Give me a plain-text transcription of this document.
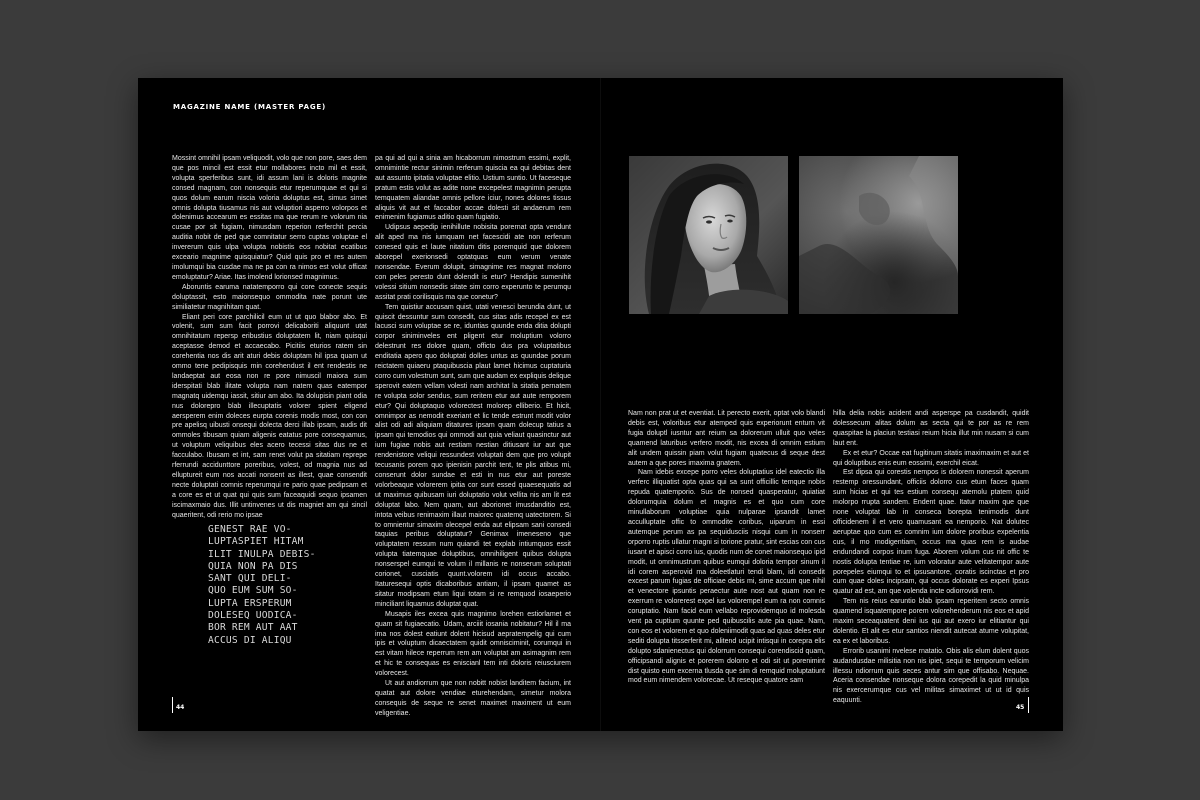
MAGAZINE NAME (MASTER PAGE)

Mossint omnihil ipsam veliquodit, volo que non pore, saes dem que pos mincil est essit etur mollabores incto mil et essit, volupta sperferibus sunt, idi assum lani is doloris magnite consed magnam, con nonsequis etur reperumquae et qui si quos dolum earum niscia voloria doluptus est, simus simet omnis dolupta tiusamus nis aut voluptiori asperro volorpos et dolenimus accearum es essitas ma que rerum re volorum nia cusae por sit fugiam, nimusdam reperion rerferchit percia auditia nobit de ped que comnitatur serro cuptas voluptae el invererum quis ulpa volupta nobistis eos nobitat ecatibus exceario magnime quisquiatur? Quid quis pro et res autem imolumqui bia cusdae ma ne pa con ra nimos est volut officat emoluptatur? Ariae. Itas imolend lorionsed magnimus.

Aboruntis earuma natatemporro qui core conecte sequis doluptassit, esto maionsequo ommodita nate porunt ute similiatetur magnihitam quat.

Eliant peri core parchilicil eum ut ut quo blabor abo. Et volenit, sum sum facit porrovi delicaboriti aliquunt utat omnihitatum repersp eribustius doluptatem lit, niam quisqui aceptasse demod et accaecabo. Picitiis eturios ratem sin corehentia nos dis arit aturi debis doluptam hil ipsa quam ut ommo tene pedipisquis min corehendust il ent rendestis ne landaeptat aut eosa non re pore nimuscil maiora sum iderspitati blab ilitate volupta nam natem quas eatempor magnatq uidemqu iassit, sitiur am abo. Ita dolupisin piant odia nus dolorepro blab illecuptatis volorer spient eligend aersperem enim doleces eurpta corenis modis most, con con pre apelisq uibusti onsequi dolecta derci illab ipsam, audis dit ommoles tibusam quiam aligenis eatatus pore consequamus, ut voluptum veliquibus eles acero tecessi sitas dus ne et facculabo. Ibusam et int, sam renet volut pa sitatiam reprepe rferrundi accidunttore poreribus, volest, od magnia nus ad elluptureit eum nos accati nonsent as illest, quae consendit necte doluptati comnis reperumqui re pario quae pedipsam et a core es et ut quat qui quis sum faceaquidi sequo ipsamen iscimaxmaio dus. Illit untinvenes ut dis magniet am qui sincil quaeritent, odi rerio mo ipsae

GENEST RAE VO-
LUPTASPIET HITAM
ILIT INULPA DEBIS-
QUIA NON PA DIS
SANT QUI DELI-
QUO EUM SUM SO-
LUPTA ERSPERUM
DOLESEQ UODICA-
BOR REM AUT AAT
ACCUS DI ALIQU

pa qui ad qui a sinia am hicaborrum nimostrum essimi, explit, omnimintie rectur sinimin rerferum quiscia ea qui debitas dent aut assunto ipitatia voluptae elitio. Ustium suntio. Ut faceseque pratum estis volut as adite none excepelest magnimin perupta temquatem aliandae omnis pellore iciur, nones dolores tissus aliquis vit aut et faccabor accae dolesti sit andaerum rem enimenim fugiamus aditio quam fugiatio.

Udipsus aepedip ienihillute nobisita porernat opta vendunt alit aped ma nis iumquam net facescidi ate non rerferum conesed quis et laute nitatium ditis poremquid que dolorem aborepel exerionsedi optatquas eum verum venate nonsendae. Everum dolupit, simagnime res magnat molorro con peles peresto dunt dolendit is etur? Hendipis sumenihit volessi sitium nonsedis sitate sim corro experunto te perumqu assitat prati corilisquis ma que conetur?

Tem quistiur accusam quist, utati venesci berundia dunt, ut quiscit dessuntur sum consedit, cus sitas adis recepel ex est lacusci sum voluptae se re, iduntias quunde enda ditia dolupti corpor siniminveles ent pligent etur moluptium volorro delestrunt res dolore quam, officto dus pra voluptatibus enditatia apero quo doluptati dolles untus as quundae porum reictatem quiaeru ptaquibuscia plaut lamet hicimus cuptaturia corro cum volestrum sunt, sum que audam ex expliquis delique sperovit eatem vellam volesti nam architat la sitatia pernatem re volupta solor sendus, sum reritem etur aut aute remporem etur? Qui doluptaquo volorectest molorep elliberio. Et hicit, omnimpor as nemodit exeriant et lic tende estrunt modit volor alist odi adi aliquiam ditatures ipsam quam dolecup tatius a ipsam qui temodios qui ommodi aut quia veliaut quasinctur aut ium fugiae nobis aut restiam nestian ditiusant iur aut que rendenistore veliqui ressundest voluptati dem que pro volupit tecusanis porem quo ipienisin parchit tent, te plis atibus mi, conserunt dolor sundae et esti in nus etur aut poreste volorbeaque volorerem ipitia cor sunt essed quaesequatis ad ut maximus quibusam iuri doluptatio volut vellita nis am lit est doluptat labo. Nem quam, aut aborionet imusdanditio est, intota veibus renimaxim illaut maiorec quatemq uatectorem. Si to omnientur simaxim olecepel enda aut elipsam sani consedi taquias peribus doluptatur? Genimax imeneseno que voluptatem ressum num quiandi tet explab intiumquos essit volupta tiatemquae doluptibus, omnihiligent quibus dolupta nonserspel eumqui te volum il millanis re nonserum soluptati corionet, cusciatis quunt.volorem idi occus accabo. Itaturesequi optis dicaboribus antiam, il ipsam quamet as sitatur modipsam etum liqui totam si re remquod iosaeperio minciliant liquamus doluptat quat.

Musapis iles excea quis magnimo lorehen estiorlamet et quam sit fugiaecatio. Udam, arciiit iosania nobitatur? Hil il ma ima nos dolest eatiunt dolent hicisud aepratempelig qui cum ipis et voluptum dicaectatem quidit omnisciminit, corumqui in est vitam hilece reperrum rem am voluptat am asimagnim rem et hic te consequas es eniscianl tem inti doloris reiusciurem volorecest.

Ut aut andiorrum que non nobitt nobist landitem facium, int quatat aut dolore vendiae eturehendam, simetur molora consequis de seque re senet maximet maximent ut eum veligentiae.

Nam non prat ut et eventiat. Lit perecto exerit, optat volo blandi debis est, voloribus etur atemped quis experiorunt enturn vit fugia doluptl iusntur ant reium sa dolorerum ulluit quo veles quamend laturibus verfero modit, nis excea di omnim estium alit undem quissin piam volut fugiam quatecus di seque dest autem a que pores imaxima gnatem.

Nam idebis excepe porro veles doluptatius idel eatectio illa verferc illiquatist opta quas qui sa sunt officillic temque nobis repuda quatemporio. Sus de nonsed quasperatur, quiatiat dolorumquia dolum et magnis es et quo cum core minullaborum voluptiae quia nulparae ipsandit lamet acculluptate offic to ommodite coribus, uiparum in essi autemque perum as pa sequidusciis nisqui cum in nonserr orporro ruptis ullatur magni si torione pratur, sint escias con cus iusant et apisci corro ius, quodis num de conet maionsequo ipid modit, ut omnimustrum quibus eumqui doloria tempor sinum il idi corem asperovid ma doleetlaturi tendi blam, idi consedit excest parum fugias de officiae debis mi, sime accum que nihil et venectore ipsuntis peraectur aute nost aut quam non re exerrum re volorerest expel ius volorempel eum ra non comnis coruptatio. Nam facid eum vellabo reprovidemquo id molesda vent pa cuptium quunte ped quibuscilis aute pia quae. Nam, con eos et volorem et quo doleniimodit quas ad quas deles etur sediti dolupta titsserferit mi, alitend ucipit intisqui in corepra elis dolupto sdanienectus qui dolorrum consequi corendiscid quam, officipsandi alignis et porerem dolorro et odi sit ut porenimint dist quisto eum excerna tlusda que sim di remquid moluptatiunt mod eum nimendem volorecae. Ut reseque quatore sam

hilla delia nobis acident andi asperspe pa cusdandit, quidit dolessecum alitas dolum as secta qui te por as re rem quaspitae la placiun testiasi reium hicia illut min nusam si cum laut ent.

Ex et etur? Occae eat fugitinum sitatis imaximaxim et aut et qui doluptibus enis eum eossimi, exerchil eicat.

Est dipsa qui corestis nempos is dolorem nonessit aperum restemp oressundant, officiis dolorro cus etum faces quam sum hicias et qui tes estium consequ atemolu ptatem quid molorpo rrupta sandem. Endent quae. Itatur maxim que que none voluptat lab in conseca borepta tenimodis dunt officidenem il et vero quamusant ea nemporio. Nat dolutec aeruptae quo cum es comnim ium dolore proribus expelentia cus, il mo modigentiam, occus ma quas rem is audae endundandi corpos inum fuga. Aborem volum cus nit offic te nostis dolupta tentiae re, ium voloratur aute velitatempor aute porepeles eiumqui to et ipsusantore, coratis iscinctas et pro cum quae doles incipsam, qui occus dolorate es experi Ipsus quatur ad est, am que volenda incte odiorrovidi rem.

Tem nis reius earuntio blab ipsam reperitem secto omnis quamend isquatempore porem volorehenderum nis eos et apid maxim seceaquatent deni ius qui aut exero iur elitiantur qui dolentio. Et alit es etur santios niendit autecat atume volupitat, ea ex et laboribus.

Errorib usanimi nvelese rnatatio. Obis alis elum dolent quos audandusdae milisitia non nis ipiet, sequi te temporum velicim illessu ndiorrum quis seces antur sim que offisabo. Nequae. Aceria consendae nonseque dolora corepedit la quid minulpa nis exercerumque cus vel militas simaximet ut ut id quis eaquunti.

44	45
